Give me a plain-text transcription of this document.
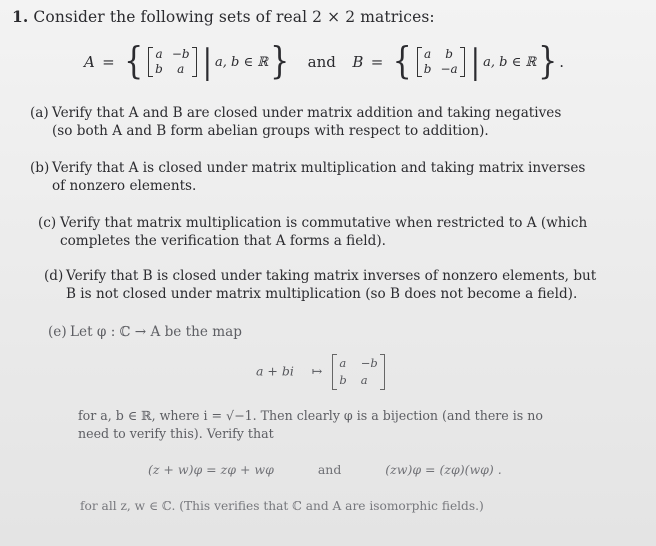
1. Consider the following sets of real 2 × 2 matrices:
A = { a −b
b	a | a, b ∈ ℝ } and B = { a	b
b −a | a, b ∈ ℝ } .
(a) Verify that A and B are closed under matrix addition and taking negatives
(so both A and B form abelian groups with respect to addition).
(b) Verify that A is closed under matrix multiplication and taking matrix inverses
of nonzero elements.
(c) Verify that matrix multiplication is commutative when restricted to A (which
completes the verification that A forms a field).
(d) Verify that B is closed under taking matrix inverses of nonzero elements, but
B is not closed under matrix multiplication (so B does not become a field).
(e) Let φ : ℂ → A be the map
a + bi ↦
a −b
b a
for a, b ∈ ℝ, where i = √−1. Then clearly φ is a bijection (and there is no
need to verify this). Verify that
(z + w)φ = zφ + wφ	and	(zw)φ = (zφ)(wφ) .
for all z, w ∈ ℂ. (This verifies that ℂ and A are isomorphic fields.)
